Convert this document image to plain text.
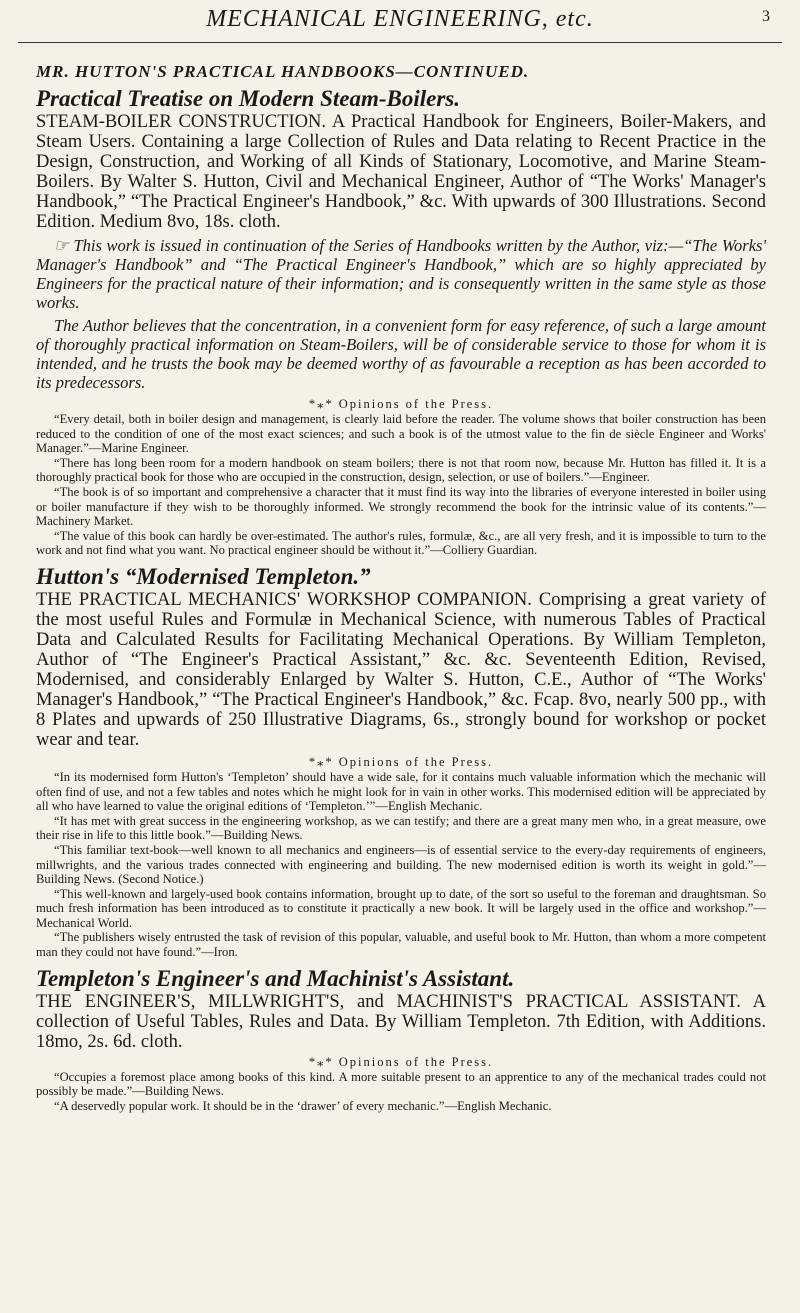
MECHANICAL ENGINEERING, etc.	3

MR. HUTTON'S PRACTICAL HANDBOOKS—CONTINUED.

Practical Treatise on Modern Steam-Boilers.

STEAM-BOILER CONSTRUCTION. A Practical Handbook for Engineers, Boiler-Makers, and Steam Users. Containing a large Collection of Rules and Data relating to Recent Practice in the Design, Construction, and Working of all Kinds of Stationary, Locomotive, and Marine Steam-Boilers. By Walter S. Hutton, Civil and Mechanical Engineer, Author of “The Works' Manager's Handbook,” “The Practical Engineer's Handbook,” &c. With upwards of 300 Illustrations. Second Edition. Medium 8vo, 18s. cloth.

☞ This work is issued in continuation of the Series of Handbooks written by the Author, viz:—“The Works' Manager's Handbook” and “The Practical Engineer's Handbook,” which are so highly appreciated by Engineers for the practical nature of their information; and is consequently written in the same style as those works.

The Author believes that the concentration, in a convenient form for easy reference, of such a large amount of thoroughly practical information on Steam-Boilers, will be of considerable service to those for whom it is intended, and he trusts the book may be deemed worthy of as favourable a reception as has been accorded to its predecessors.

*⁎* Opinions of the Press.

“Every detail, both in boiler design and management, is clearly laid before the reader. The volume shows that boiler construction has been reduced to the condition of one of the most exact sciences; and such a book is of the utmost value to the fin de siècle Engineer and Works' Manager.”—Marine Engineer.

“There has long been room for a modern handbook on steam boilers; there is not that room now, because Mr. Hutton has filled it. It is a thoroughly practical book for those who are occupied in the construction, design, selection, or use of boilers.”—Engineer.

“The book is of so important and comprehensive a character that it must find its way into the libraries of everyone interested in boiler using or boiler manufacture if they wish to be thoroughly informed. We strongly recommend the book for the intrinsic value of its contents.”—Machinery Market.

“The value of this book can hardly be over-estimated. The author's rules, formulæ, &c., are all very fresh, and it is impossible to turn to the work and not find what you want. No practical engineer should be without it.”—Colliery Guardian.

Hutton's “Modernised Templeton.”

THE PRACTICAL MECHANICS' WORKSHOP COMPANION. Comprising a great variety of the most useful Rules and Formulæ in Mechanical Science, with numerous Tables of Practical Data and Calculated Results for Facilitating Mechanical Operations. By William Templeton, Author of “The Engineer's Practical Assistant,” &c. &c. Seventeenth Edition, Revised, Modernised, and considerably Enlarged by Walter S. Hutton, C.E., Author of “The Works' Manager's Handbook,” “The Practical Engineer's Handbook,” &c. Fcap. 8vo, nearly 500 pp., with 8 Plates and upwards of 250 Illustrative Diagrams, 6s., strongly bound for workshop or pocket wear and tear.

*⁎* Opinions of the Press.

“In its modernised form Hutton's ‘Templeton’ should have a wide sale, for it contains much valuable information which the mechanic will often find of use, and not a few tables and notes which he might look for in vain in other works. This modernised edition will be appreciated by all who have learned to value the original editions of ‘Templeton.’”—English Mechanic.

“It has met with great success in the engineering workshop, as we can testify; and there are a great many men who, in a great measure, owe their rise in life to this little book.”—Building News.

“This familiar text-book—well known to all mechanics and engineers—is of essential service to the every-day requirements of engineers, millwrights, and the various trades connected with engineering and building. The new modernised edition is worth its weight in gold.”—Building News. (Second Notice.)

“This well-known and largely-used book contains information, brought up to date, of the sort so useful to the foreman and draughtsman. So much fresh information has been introduced as to constitute it practically a new book. It will be largely used in the office and workshop.”—Mechanical World.

“The publishers wisely entrusted the task of revision of this popular, valuable, and useful book to Mr. Hutton, than whom a more competent man they could not have found.”—Iron.

Templeton's Engineer's and Machinist's Assistant.

THE ENGINEER'S, MILLWRIGHT'S, and MACHINIST'S PRACTICAL ASSISTANT. A collection of Useful Tables, Rules and Data. By William Templeton. 7th Edition, with Additions. 18mo, 2s. 6d. cloth.

*⁎* Opinions of the Press.

“Occupies a foremost place among books of this kind. A more suitable present to an apprentice to any of the mechanical trades could not possibly be made.”—Building News.

“A deservedly popular work. It should be in the ‘drawer’ of every mechanic.”—English Mechanic.
